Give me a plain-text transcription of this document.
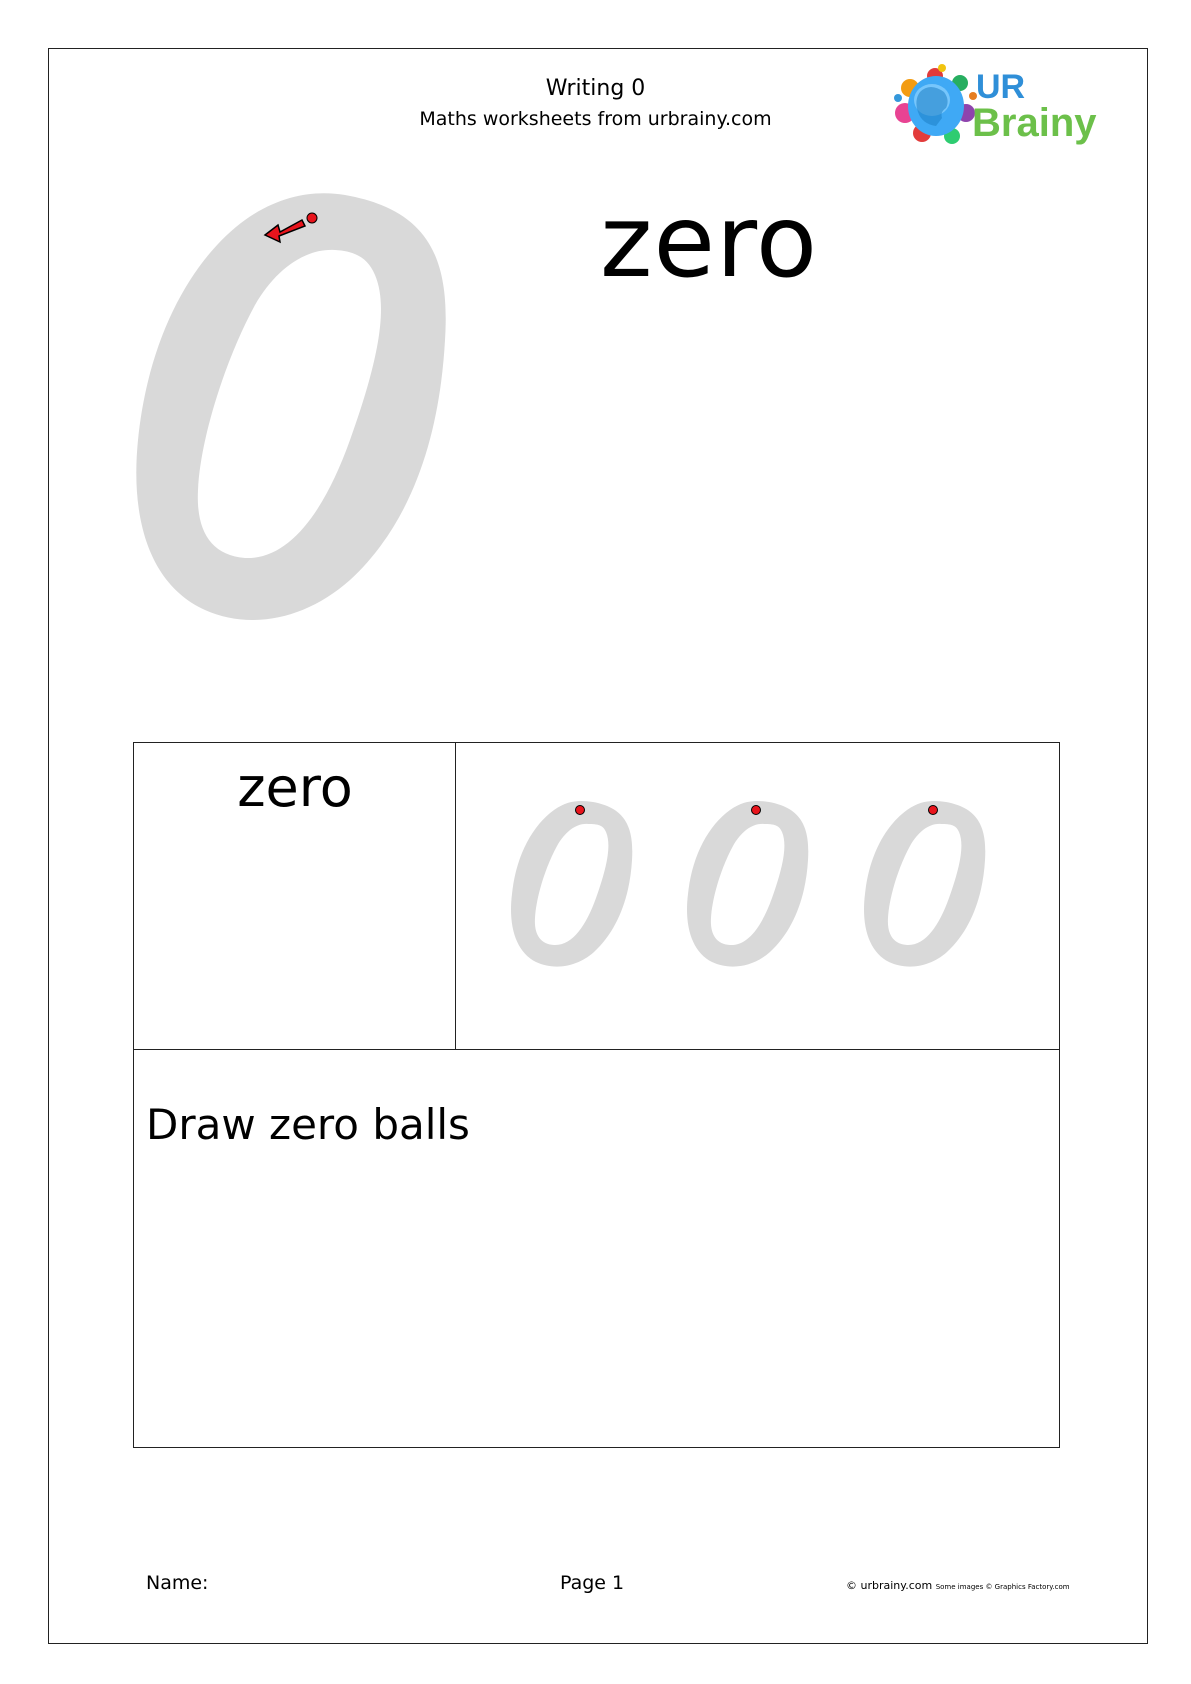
Writing 0
Maths worksheets from urbrainy.com
UR
Brainy
zero
zero
Draw zero balls
Name:	Page 1	© urbrainy.com Some images © Graphics Factory.com
